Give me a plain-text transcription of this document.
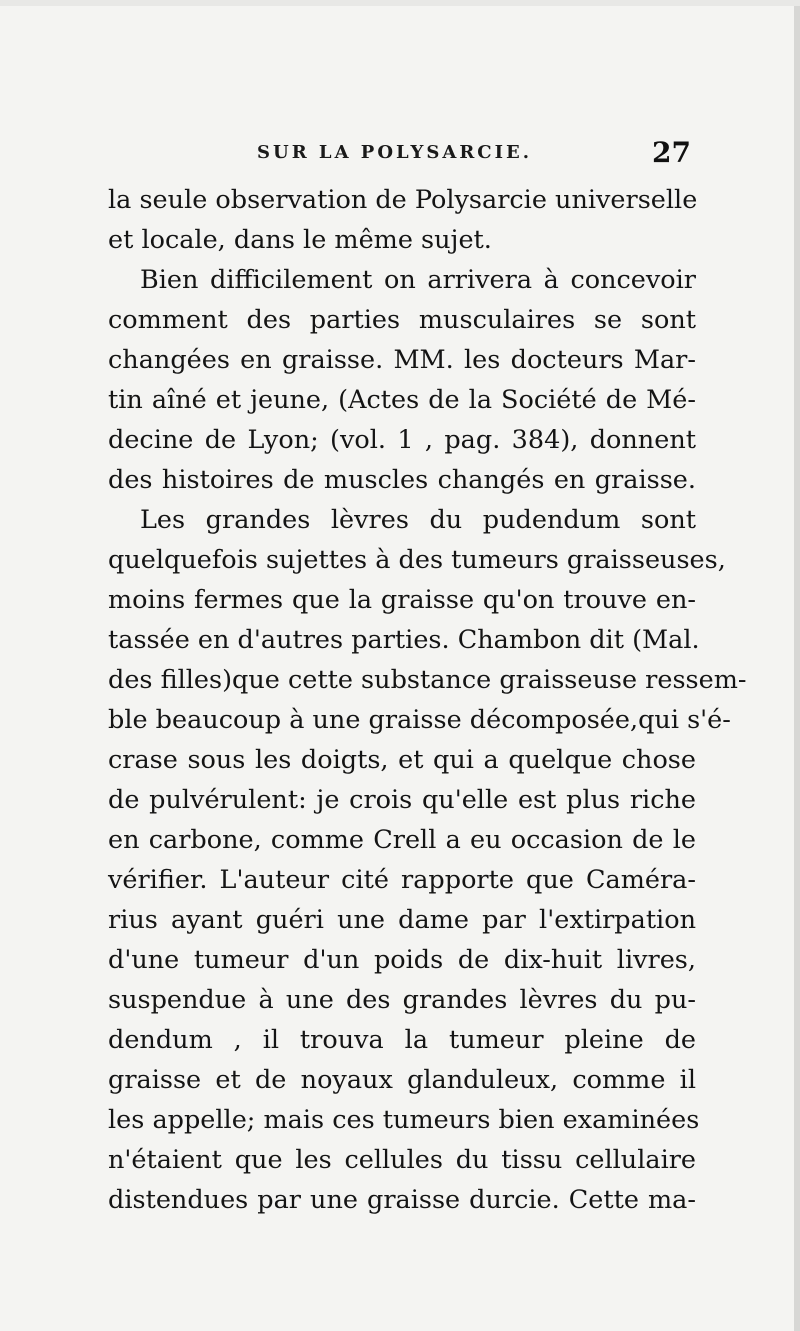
SUR LA POLYSARCIE.	27
la seule observation de Polysarcie universelle
et locale, dans le même sujet.
Bien difficilement on arrivera à concevoir
comment des parties musculaires se sont
changées en graisse. MM. les docteurs Mar-
tin aîné et jeune, (Actes de la Société de Mé-
decine de Lyon; (vol. 1 , pag. 384), donnent
des histoires de muscles changés en graisse.
Les grandes lèvres du pudendum sont
quelquefois sujettes à des tumeurs graisseuses,
moins fermes que la graisse qu'on trouve en-
tassée en d'autres parties. Chambon dit (Mal.
des filles)que cette substance graisseuse ressem-
ble beaucoup à une graisse décomposée,qui s'é-
crase sous les doigts, et qui a quelque chose
de pulvérulent: je crois qu'elle est plus riche
en carbone, comme Crell a eu occasion de le
vérifier. L'auteur cité rapporte que Caméra-
rius ayant guéri une dame par l'extirpation
d'une tumeur d'un poids de dix-huit livres,
suspendue à une des grandes lèvres du pu-
dendum , il trouva la tumeur pleine de
graisse et de noyaux glanduleux, comme il
les appelle; mais ces tumeurs bien examinées
n'étaient que les cellules du tissu cellulaire
distendues par une graisse durcie. Cette ma-
